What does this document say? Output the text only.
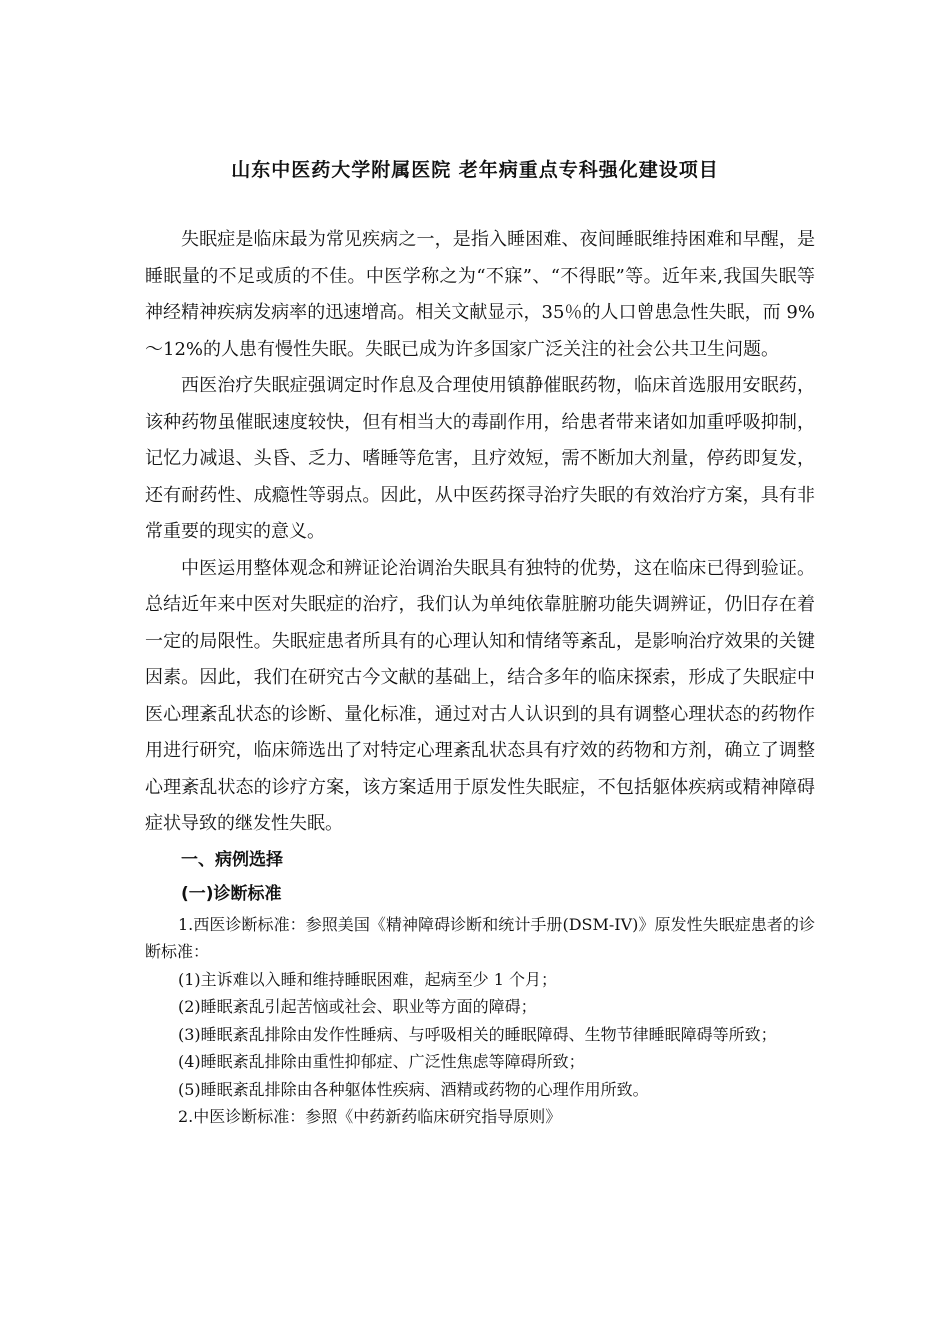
山东中医药大学附属医院 老年病重点专科强化建设项目

失眠症是临床最为常见疾病之一，是指入睡困难、夜间睡眠维持困难和早醒，是睡眠量的不足或质的不佳。中医学称之为“不寐”、“不得眠”等。近年来,我国失眠等神经精神疾病发病率的迅速增高。相关文献显示，35％的人口曾患急性失眠，而 9%～12%的人患有慢性失眠。失眠已成为许多国家广泛关注的社会公共卫生问题。

西医治疗失眠症强调定时作息及合理使用镇静催眠药物，临床首选服用安眠药，该种药物虽催眠速度较快，但有相当大的毒副作用，给患者带来诸如加重呼吸抑制，记忆力减退、头昏、乏力、嗜睡等危害，且疗效短，需不断加大剂量，停药即复发，还有耐药性、成瘾性等弱点。因此，从中医药探寻治疗失眠的有效治疗方案，具有非常重要的现实的意义。

中医运用整体观念和辨证论治调治失眠具有独特的优势，这在临床已得到验证。总结近年来中医对失眠症的治疗，我们认为单纯依靠脏腑功能失调辨证，仍旧存在着一定的局限性。失眠症患者所具有的心理认知和情绪等紊乱，是影响治疗效果的关键因素。因此，我们在研究古今文献的基础上，结合多年的临床探索，形成了失眠症中医心理紊乱状态的诊断、量化标准，通过对古人认识到的具有调整心理状态的药物作用进行研究，临床筛选出了对特定心理紊乱状态具有疗效的药物和方剂，确立了调整心理紊乱状态的诊疗方案，该方案适用于原发性失眠症，不包括躯体疾病或精神障碍症状导致的继发性失眠。

一、病例选择

(一)诊断标准

1.西医诊断标准：参照美国《精神障碍诊断和统计手册(DSM-IV)》原发性失眠症患者的诊断标准：

(1)主诉难以入睡和维持睡眠困难，起病至少 1 个月；

(2)睡眠紊乱引起苦恼或社会、职业等方面的障碍；

(3)睡眠紊乱排除由发作性睡病、与呼吸相关的睡眠障碍、生物节律睡眠障碍等所致；

(4)睡眠紊乱排除由重性抑郁症、广泛性焦虑等障碍所致；

(5)睡眠紊乱排除由各种躯体性疾病、酒精或药物的心理作用所致。

2.中医诊断标准：参照《中药新药临床研究指导原则》
